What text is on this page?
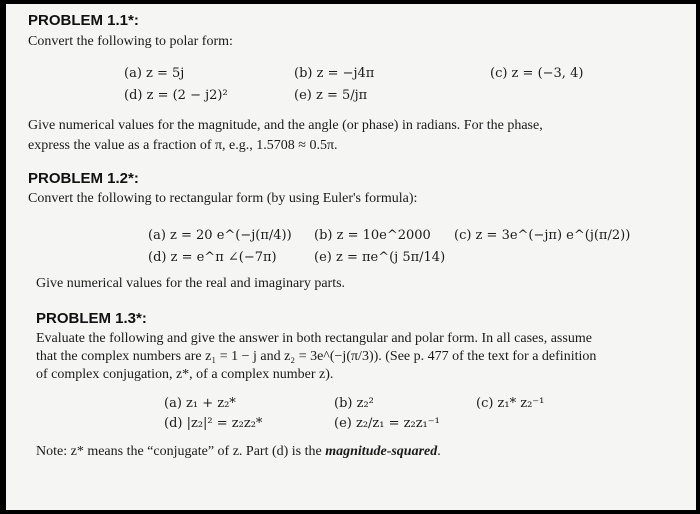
PROBLEM 1.1*:
Convert the following to polar form:
(a) z = 5j	(b) z = −j4π	(c) z = (−3, 4)
(d) z = (2 − j2)²	(e) z = 5/jπ
Give numerical values for the magnitude, and the angle (or phase) in radians. For the phase,
express the value as a fraction of π, e.g., 1.5708 ≈ 0.5π.
PROBLEM 1.2*:
Convert the following to rectangular form (by using Euler's formula):
(a) z = 20 e^(−j(π/4)) (b) z = 10e^2000 (c) z = 3e^(−jπ) e^(j(π/2))
(d) z = e^π ∠(−7π)	(e) z = πe^(j 5π/14)
Give numerical values for the real and imaginary parts.
PROBLEM 1.3*:
Evaluate the following and give the answer in both rectangular and polar form. In all cases, assume
that the complex numbers are z₁ = 1 − j and z₂ = 3e^(−j(π/3)). (See p. 477 of the text for a definition
of complex conjugation, z*, of a complex number z).
(a) z₁ + z₂*	(b) z₂²	(c) z₁* z₂⁻¹
(d) |z₂|² = z₂z₂*	(e) z₂/z₁ = z₂z₁⁻¹
Note: z* means the “conjugate” of z. Part (d) is the magnitude-squared.
